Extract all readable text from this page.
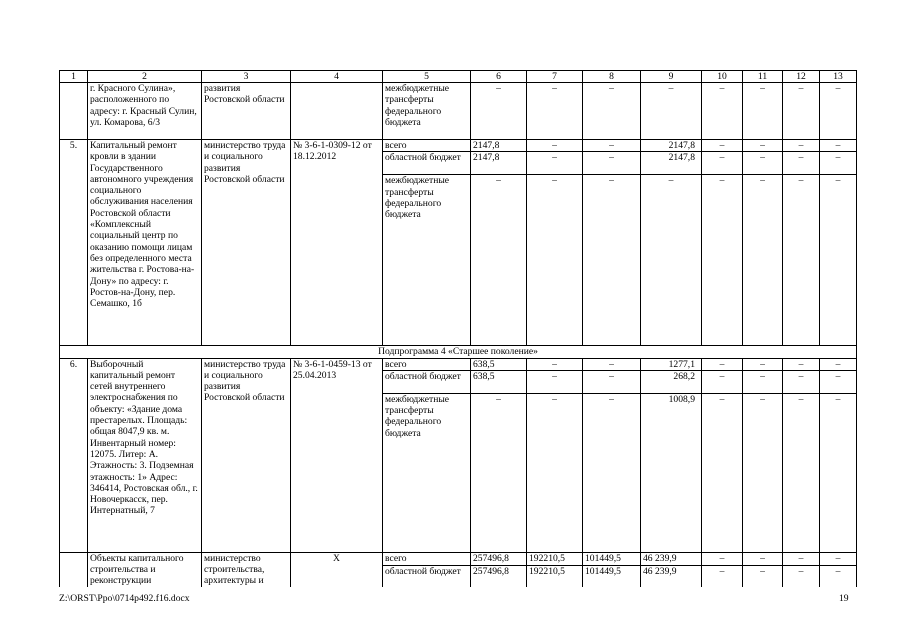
1	2	3	4	5	6	7	8	9	10	11	12	13
	г. Красного Сулина», расположенного по адресу: г. Красный Сулин, ул. Комарова, 6/3	развития Ростовской области		межбюджетные трансферты федерального бюджета	–	–	–	–	–	–	–	–
5.	Капитальный ремонт кровли в здании Государственного автономного учреждения социального обслуживания населения Ростовской области «Комплексный социальный центр по оказанию помощи лицам без определенного места жительства г. Ростова-на-Дону» по адресу: г. Ростов-на-Дону, пер. Семашко, 1б	министерство труда и социального развития Ростовской области	№ 3-6-1-0309-12 от 18.12.2012	всего	2147,8	–	–	2147,8	–	–	–	–
				областной бюджет	2147,8	–	–	2147,8	–	–	–	–
				межбюджетные трансферты федерального бюджета	–	–	–	–	–	–	–	–
Подпрограмма 4 «Старшее поколение»												
6.	Выборочный капитальный ремонт сетей внутреннего электроснабжения по объекту: «Здание дома престарелых. Площадь: общая 8047,9 кв. м. Инвентарный номер: 12075. Литер: А. Этажность: 3. Подземная этажность: 1» Адрес: 346414, Ростовская обл., г. Новочеркасск, пер. Интернатный, 7	министерство труда и социального развития Ростовской области	№ 3-6-1-0459-13 от 25.04.2013	всего	638,5	–	–	1277,1	–	–	–	–
				областной бюджет	638,5	–	–	268,2	–	–	–	–
				межбюджетные трансферты федерального бюджета	–	–	–	1008,9	–	–	–	–
	Объекты капитального строительства и реконструкции	министерство строительства, архитектуры и	Х	всего	257496,8	192210,5	101449,5	46 239,9	–	–	–	–
				областной бюджет	257496,8	192210,5	101449,5	46 239,9	–	–	–	–
Z:\ORST\Ppo\0714p492.f16.docx	19
